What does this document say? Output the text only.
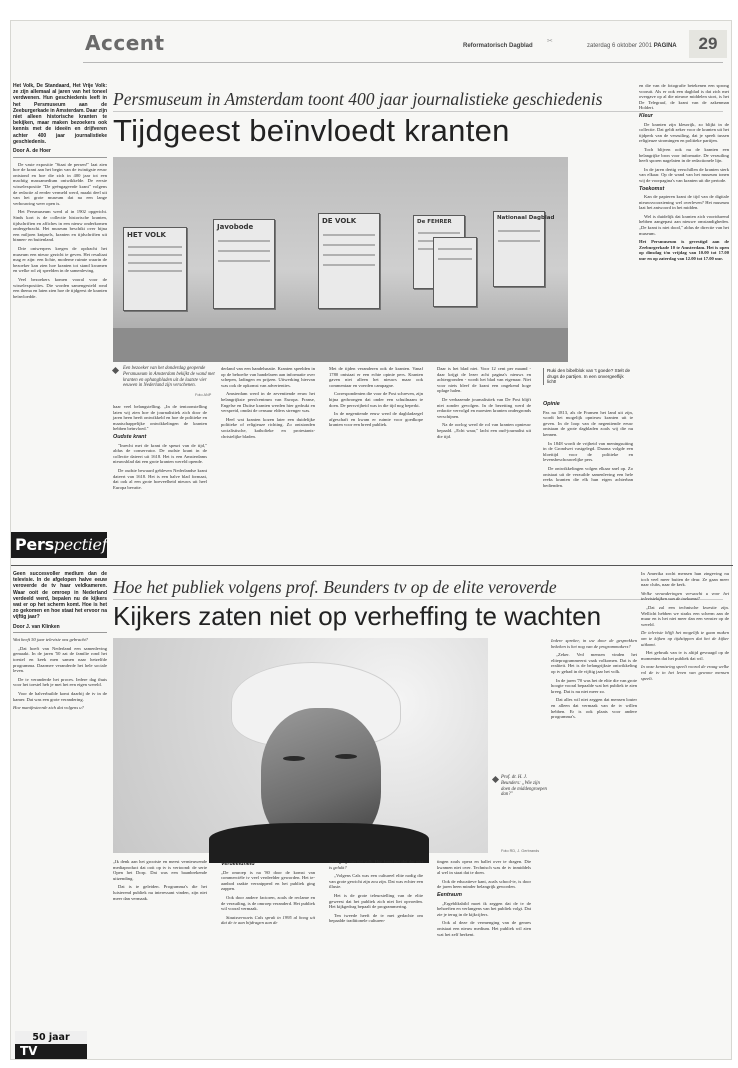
Accent	Reformatorisch Dagblad
✂
zaterdag 6 oktober 2001 PAGINA	29

Het Volk, De Standaard, Het Vrije Volk: ze zijn allemaal al jaren van het toneel verdwenen. Hun geschiedenis leeft in het Persmuseum aan de Zeeburgerkade in Amsterdam. Daar zijn niet alleen historische kranten te bekijken, maar maken bezoekers ook kennis met de ideeën en drijfveren achter 400 jaar journalistieke geschiedenis.

Door A. de Hoer

De vaste expositie "Staat de persen!" laat zien hoe de krant aan het begin van de twintigste eeuw ontstond en hoe die zich in 400 jaar tot een machtig massamedium ontwikkelde. De eerste wisselexpositie "De geëngageerde krant" volgens de redactie al eerder vermeld werd, maakt deel uit van het grote museum dat na een lange verbouwing weer open is.

Het Persmuseum werd al in 1902 opgericht. Sinds kort is de collectie historische kranten, tijdschriften en affiches in een nieuw onderkomen ondergebracht. Het museum beschikt over bijna een miljoen knipsels, kranten en tijdschriften uit binnen- en buitenland.

Drie ontwerpers kregen de opdracht het museum een nieuw gezicht te geven. Het resultaat mag er zijn: een lichte, moderne ruimte waarin de bezoeker kan zien hoe kranten tot stand kwamen en welke rol zij speelden in de samenleving.

Veel bezoekers komen vooral voor de wisselexposities. Die worden samengesteld rond een thema en laten zien hoe de tijdgeest de kranten beïnvloedde.

Persmuseum in Amsterdam toont 400 jaar journalistieke geschiedenis
Tijdgeest beïnvloedt kranten
HET VOLK
Javobode
DE VOLK	De FEHRER
Nationaal Dagblad
Een bezoeker van het donderdag geopende Persmuseum in Amsterdam bekijkt de wand met kranten en ophangbladen uit de laatste vier eeuwen in Nederland zijn verschenen.
Foto ANP

haar veel belangstelling. „In de tentoonstelling laten wij zien hoe de journalistiek zich door de jaren heen heeft ontwikkeld en hoe de politieke en maatschappelijke ontwikkelingen de kranten hebben beïnvloed."

Oudste krant

"Inrecht met de krant de speurt van de tijd," aldus de conservator. De oudste krant in de collectie dateert uit 1618. Het is een Amsterdams nieuwsblad dat een grote kranten wereld opende.

De oudste bewaard gebleven Nederlandse krant dateert van 1618. Het is een halve blad formaat, dat ook al een grote hoeveelheid nieuws uit heel Europa bevatte.

derland van een handelsnatie. Kranten speelden in op de behoefte van handelaren aan informatie over schepen, ladingen en prijzen. Uitwerking hiervan was ook de opkomst van advertenties.

Amsterdam werd in de zeventiende eeuw het belangrijkste persfcentrum van Europa. Franse, Engelse en Duitse kranten werden hier gedrukt en verspreid, omdat de censuur elders strenger was.

Heel wat kranten kozen later een duidelijke politieke of religieuze richting. Zo ontstonden socialistische, katholieke en protestants-christelijke bladen.

Met de tijden veranderen ook de kranten. Vanaf 1780 ontstaat er een echte opinie pers. Kranten gaven niet alleen het nieuws maar ook commentaar en voerden campagne.

Correspondenten die voor de Post schreven, zijn bijna gedwongen dat onder een schuilnaam te doen. De persvrijheid was in die tijd nog beperkt.

In de negentiende eeuw werd de dagbladzegel afgeschaft en kwam er ruimte voor goedkope kranten voor een breed publiek.

Daar is het blad niet. Voor 12 cent per maand - daar krijgt de lezer acht pagina's nieuws en achtergronden - wordt het blad van eigenaar. Niet voor niets bleef de krant een ongekend hoge oplage halen.

De verbazende journalistiek van De Post blijft niet zonder gevolgen. In de bezetting werd de redactie vervolgd en moesten kranten ondergronds verschijnen.

Na de oorlog werd de rol van kranten opnieuw bepaald. „Echt waar," lacht een oud-journalist uit die tijd.

Ruki den bibelblok van 't goede? Stelt de drugs de partijen. In een onvergeeflijk licht!
Opinie

Pas na 1813, als de Fransen het land uit zijn, wordt het mogelijk opnieuw kranten uit te geven. In de loop van de negentiende eeuw ontstaan de grote dagbladen zoals wij die nu kennen.

In 1848 wordt de vrijheid van meningsuiting in de Grondwet vastgelegd. Daarna volgde een bloeitijd voor de politieke en levensbeschouwelijke pers.

De ontwikkelingen volgen elkaar snel op. Zo ontstaat uit de verzuilde samenleving een hele reeks kranten die elk hun eigen achterban bedienden.

en die van de fotografie betekenen een sprong vooruit. Als er ook een dagblad is dat zich met overgave op al die nieuwe middelen stort, is het De Telegraaf, de krant van de zakenman Holdert.

Kleur

De kranten zijn kleurrijk, zo blijkt in de collectie. Dat geldt zeker voor de kranten uit het tijdperk van de verzuiling, dat je speelt tussen religieuze stromingen en politieke partijen.

Toch blijven ook nu de kranten een belangrijke bron voor informatie. De verzuiling heeft sporen nagelaten in de redactionele lijn.

In de jaren dertig verschillen de kranten sterk van elkaar. Op de wand van het museum tonen wij de voorpagina's van kranten uit die periode.

Toekomst

Kan de papieren krant de tijd van de digitale nieuwsvoorziening wel overleven? Het museum laat het antwoord in het midden.

Wel is duidelijk dat kranten zich voortdurend hebben aangepast aan nieuwe omstandigheden. „De krant is niet dood," aldus de directie van het museum.

Het Persmuseum is gevestigd aan de Zeeburgerkade 10 te Amsterdam. Het is open op dinsdag t/m vrijdag van 10.00 tot 17.00 uur en op zaterdag van 12.00 tot 17.00 uur.

Perspectief

Geen succesvoller medium dan de televisie. In de afgelopen halve eeuw veroverde de tv haar veldkameren. Waar ooit de omroep in Nederland verdeeld werd, bepalen nu de kijkers wat er op het scherm komt. Hoe is het zo gekomen en hoe staat het ervoor na vijftig jaar?

Door J. van Klinken

Wat heeft 50 jaar televisie ons gebracht?

„Dat hoeft van Nederland een samenleving gemaakt. In de jaren '50 zat de familie rond het toestel en keek men samen naar hetzelfde programma. Daarmee veranderde het hele sociale leven.

De tv veranderde het proces. Iedere dag thuis voor het toestel heb je met het een eigen wereld.

Voor de halverbuilde komt daarbij de tv in de kamer. Dat was een grote verandering.

Hoe manifesteerde zich dat volgens u?

50 jaar
TV
Hoe het publiek volgens prof. Beunders tv op de elite veroverde
Kijkers zaten niet op verheffing te wachten
Prof. dr. H. J. Beunders: „Wie zijn doen de middengroepen dan?"
Foto RD, J. Gerbrands

„Ik denk aan het grootste en meest vernieuwende mediaproduct dat ooit op tv is vertoond: de serie Open het Dorp. Dat was een baanbrekende uitzending.

Dat is te geleiden. Programma's die het luisterend publiek nu interessant vinden, zijn niet meer dan vermaak.

Verdeeldheid

„De omroep is na '80 door de komst van commerciële tv veel verdeelder geworden. Het te-aanbod raakte versnipperd en het publiek ging zappen.

Ook door andere factoren, zoals de reclame en de verzuiling, is de omroep veranderd. Het publiek wil vooral vermaak.

Staatsvernuets Cals sprak in 1995 al hoog uit dat de tv aan bijdragen aan de

verheffing van het volk. Hoe komt het dat dat niet is gelukt?

„Volgens Cals was een cultureel elite nodig die van grote gewicht zijn zou zijn. Dat was echter een illusie.

Het is de grote teleurstelling van de elite geweest dat het publiek zich niet liet opvoeden. Het kijkgedrag bepaalt de programmering.

Ten tweede heeft de tv met gedachte om bepaalde traditionele culturen-

tingen zoals opera en ballet over te dragen. Die kwamen niet over. Technisch was de tv inmiddels al wel in staat dat te doen.

Ook de educatieve kant, zoals school-tv, is door de jaren heen minder belangrijk geworden.

Eentraum

„Ergebliksbild moet ik zeggen dat de tv de behoeften en verlangens van het publiek volgt. Dat zie je terug in de kijkcijfers.

Ook al deze de vermenging van de genres ontstaat een nieuw medium. Het publiek wil zien wat het zelf herkent.

Iedere spreker, in uw door de gesprekken bekeken is het nog van de programmakers?

„Zeker. Ved mensen vinden het eliteprogrammeerst vaak volkomen. Dat is de realiteit. Het is de belangrijkste ontwikkeling op tv gehad in de vijftig jaar het volk.

In de jaren '70 was het de elite die van grote hoogte vooral bepaalde wat het publiek te zien kreeg. Dat is nu niet meer zo.

Dat alles wil niet zeggen dat mensen louter en alleen dat vermaak van de tv willen hebben. Er is ook plaats voor andere programma's.

In Amerika zocht mensen hun zingeving nu toch veel meer buiten de deur. Ze gaan meer naar clubs, naar de kerk.

Welke veranderingen verwacht u voor het televisiekijken van de toekomst?

„Dat zal een technische kwestie zijn. Wellicht hebben we straks een scherm aan de muur en is het niet meer dan een venster op de wereld.

De televisie blijft het mogelijk te gaan maken om te kijken op tijdstippen dat het de kijker uitkomt.

Het gebruik van tv is altijd gevraagd op de momenten dat het publiek dat wil.

In onze kennisring speelt vooral de vraag welke rol de tv in het leven van gewone mensen speelt.
